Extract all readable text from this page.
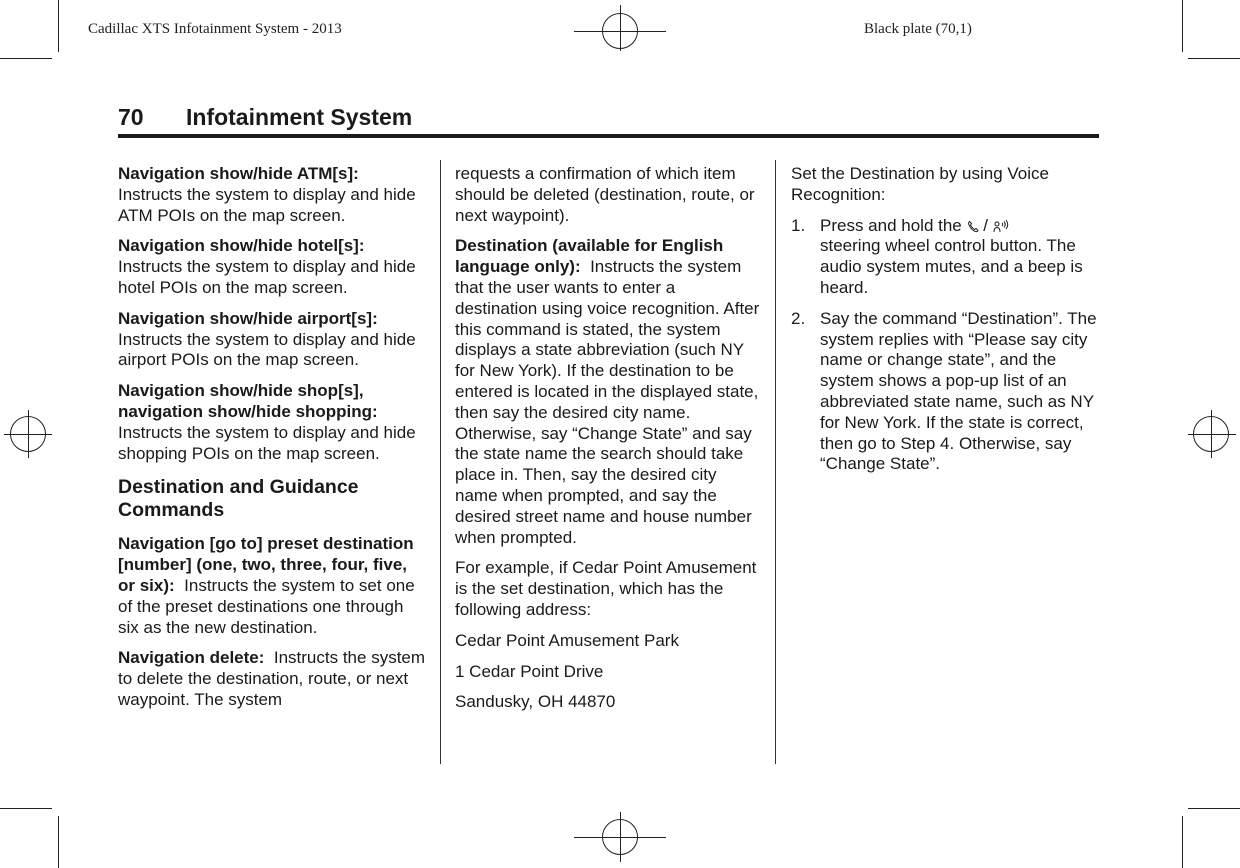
Cadillac XTS Infotainment System - 2013	Black plate (70,1)
70 Infotainment System

Navigation show/hide ATM[s]:
Instructs the system to display and hide ATM POIs on the map screen.

Navigation show/hide hotel[s]:
Instructs the system to display and hide hotel POIs on the map screen.

Navigation show/hide airport[s]:
Instructs the system to display and hide airport POIs on the map screen.

Navigation show/hide shop[s], navigation show/hide shopping:
Instructs the system to display and hide shopping POIs on the map screen.

Destination and Guidance Commands

Navigation [go to] preset destination [number] (one, two, three, four, five, or six): Instructs the system to set one of the preset destinations one through six as the new destination.

Navigation delete: Instructs the system to delete the destination, route, or next waypoint. The system

requests a confirmation of which item should be deleted (destination, route, or next waypoint).

Destination (available for English language only): Instructs the system that the user wants to enter a destination using voice recognition. After this command is stated, the system displays a state abbreviation (such NY for New York). If the destination to be entered is located in the displayed state, then say the desired city name. Otherwise, say “Change State” and say the state name the search should take place in. Then, say the desired city name when prompted, and say the desired street name and house number when prompted.

For example, if Cedar Point Amusement is the set destination, which has the following address:

Cedar Point Amusement Park

1 Cedar Point Drive

Sandusky, OH 44870

Set the Destination by using Voice Recognition:

1. Press and hold the /
steering wheel control button. The audio system mutes, and a beep is heard.
2. Say the command “Destination”. The system replies with “Please say city name or change state”, and the system shows a pop-up list of an abbreviated state name, such as NY for New York. If the state is correct, then go to Step 4. Otherwise, say “Change State”.
